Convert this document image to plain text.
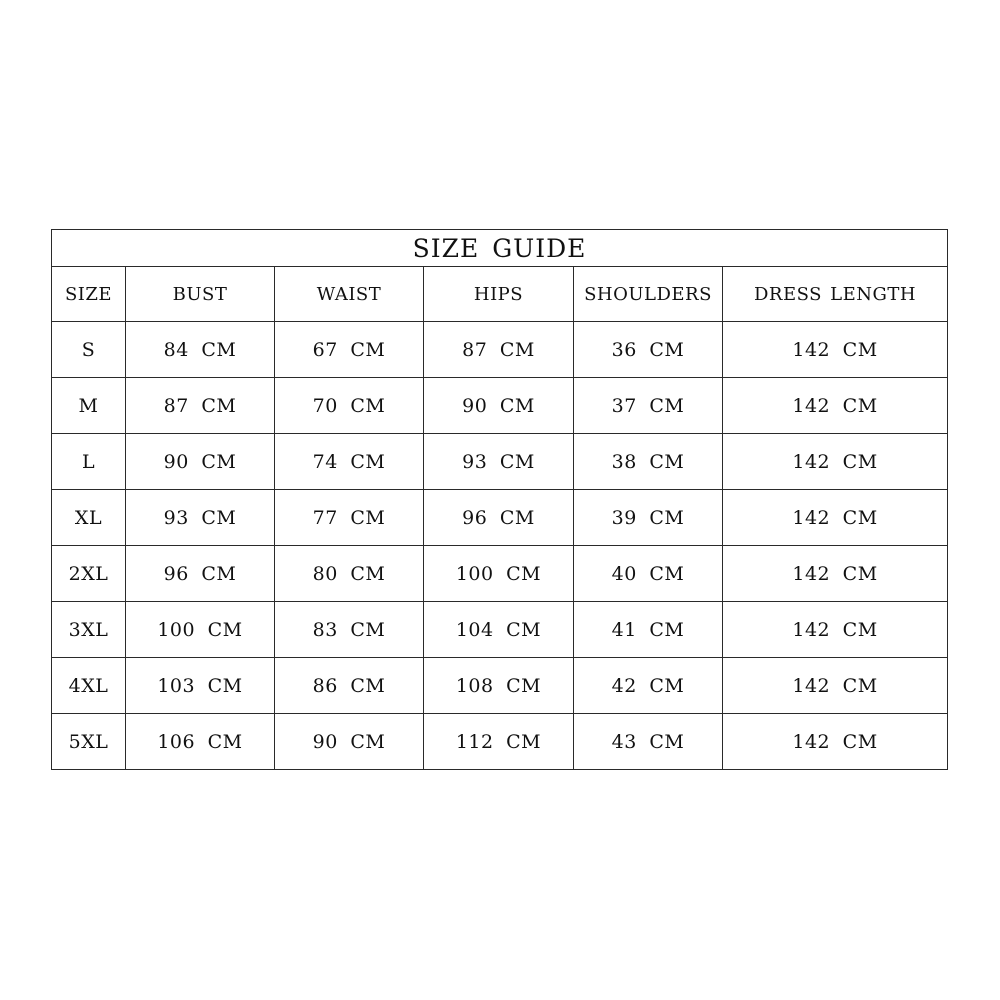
SIZE GUIDE					
SIZE	BUST	WAIST	HIPS	SHOULDERS	DRESS LENGTH
S	84 CM	67 CM	87 CM	36 CM	142 CM
M	87 CM	70 CM	90 CM	37 CM	142 CM
L	90 CM	74 CM	93 CM	38 CM	142 CM
XL	93 CM	77 CM	96 CM	39 CM	142 CM
2XL	96 CM	80 CM	100 CM	40 CM	142 CM
3XL	100 CM	83 CM	104 CM	41 CM	142 CM
4XL	103 CM	86 CM	108 CM	42 CM	142 CM
5XL	106 CM	90 CM	112 CM	43 CM	142 CM
